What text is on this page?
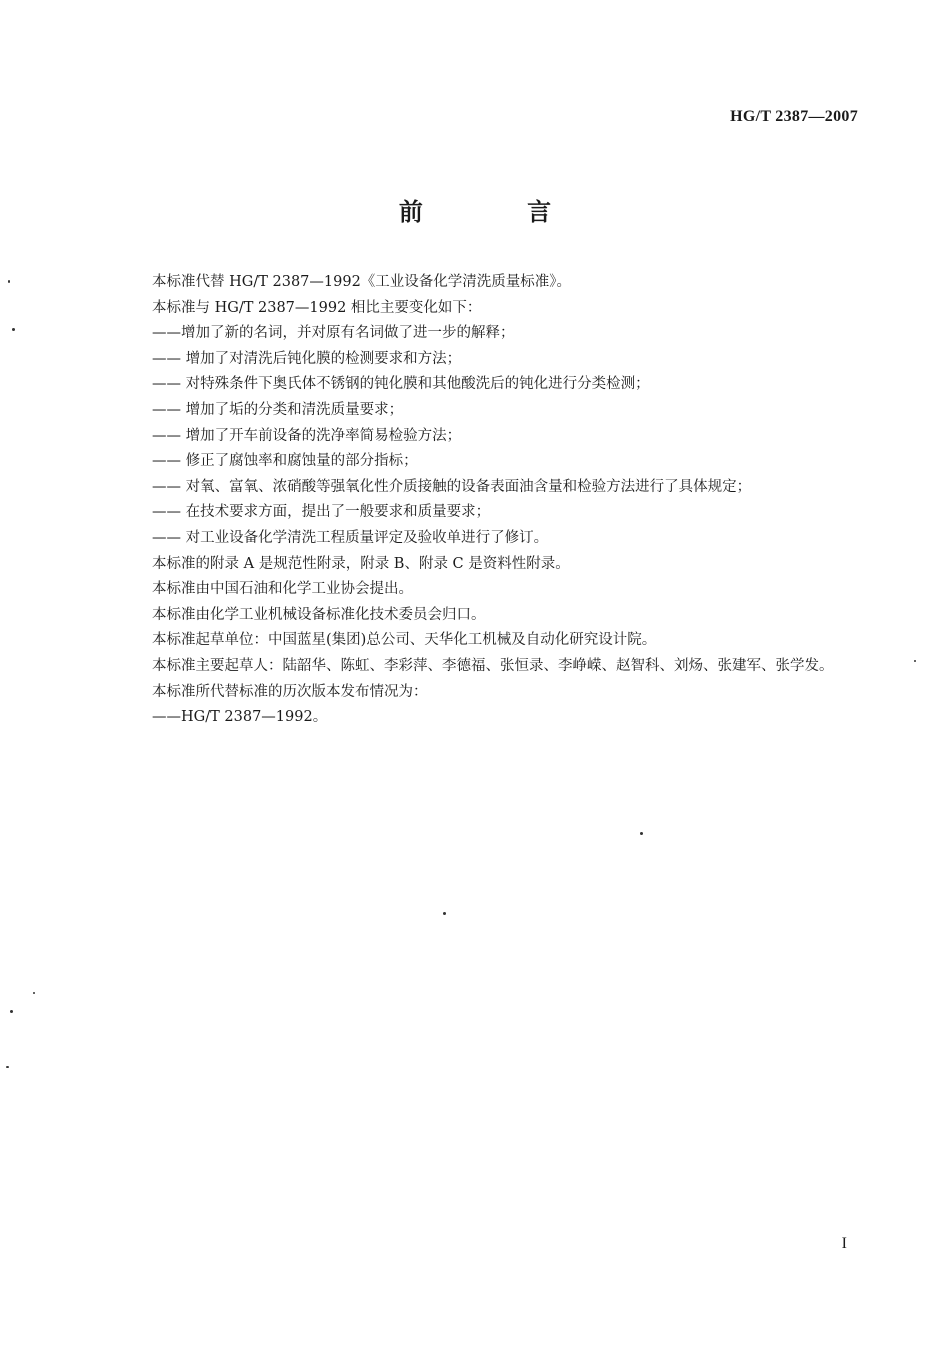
HG/T 2387—2007
前 言
本标准代替 HG/T 2387—1992《工业设备化学清洗质量标准》。
本标准与 HG/T 2387—1992 相比主要变化如下：
——增加了新的名词，并对原有名词做了进一步的解释；
—— 增加了对清洗后钝化膜的检测要求和方法；
—— 对特殊条件下奥氏体不锈钢的钝化膜和其他酸洗后的钝化进行分类检测；
—— 增加了垢的分类和清洗质量要求；
—— 增加了开车前设备的洗净率简易检验方法；
—— 修正了腐蚀率和腐蚀量的部分指标；
—— 对氧、富氧、浓硝酸等强氧化性介质接触的设备表面油含量和检验方法进行了具体规定；
—— 在技术要求方面，提出了一般要求和质量要求；
—— 对工业设备化学清洗工程质量评定及验收单进行了修订。
本标准的附录 A 是规范性附录，附录 B、附录 C 是资料性附录。
本标准由中国石油和化学工业协会提出。
本标准由化学工业机械设备标准化技术委员会归口。
本标准起草单位：中国蓝星(集团)总公司、天华化工机械及自动化研究设计院。
本标准主要起草人：陆韶华、陈虹、李彩萍、李德福、张恒录、李峥嵘、赵智科、刘炀、张建军、张学发。
本标准所代替标准的历次版本发布情况为：
——HG/T 2387—1992。
I
